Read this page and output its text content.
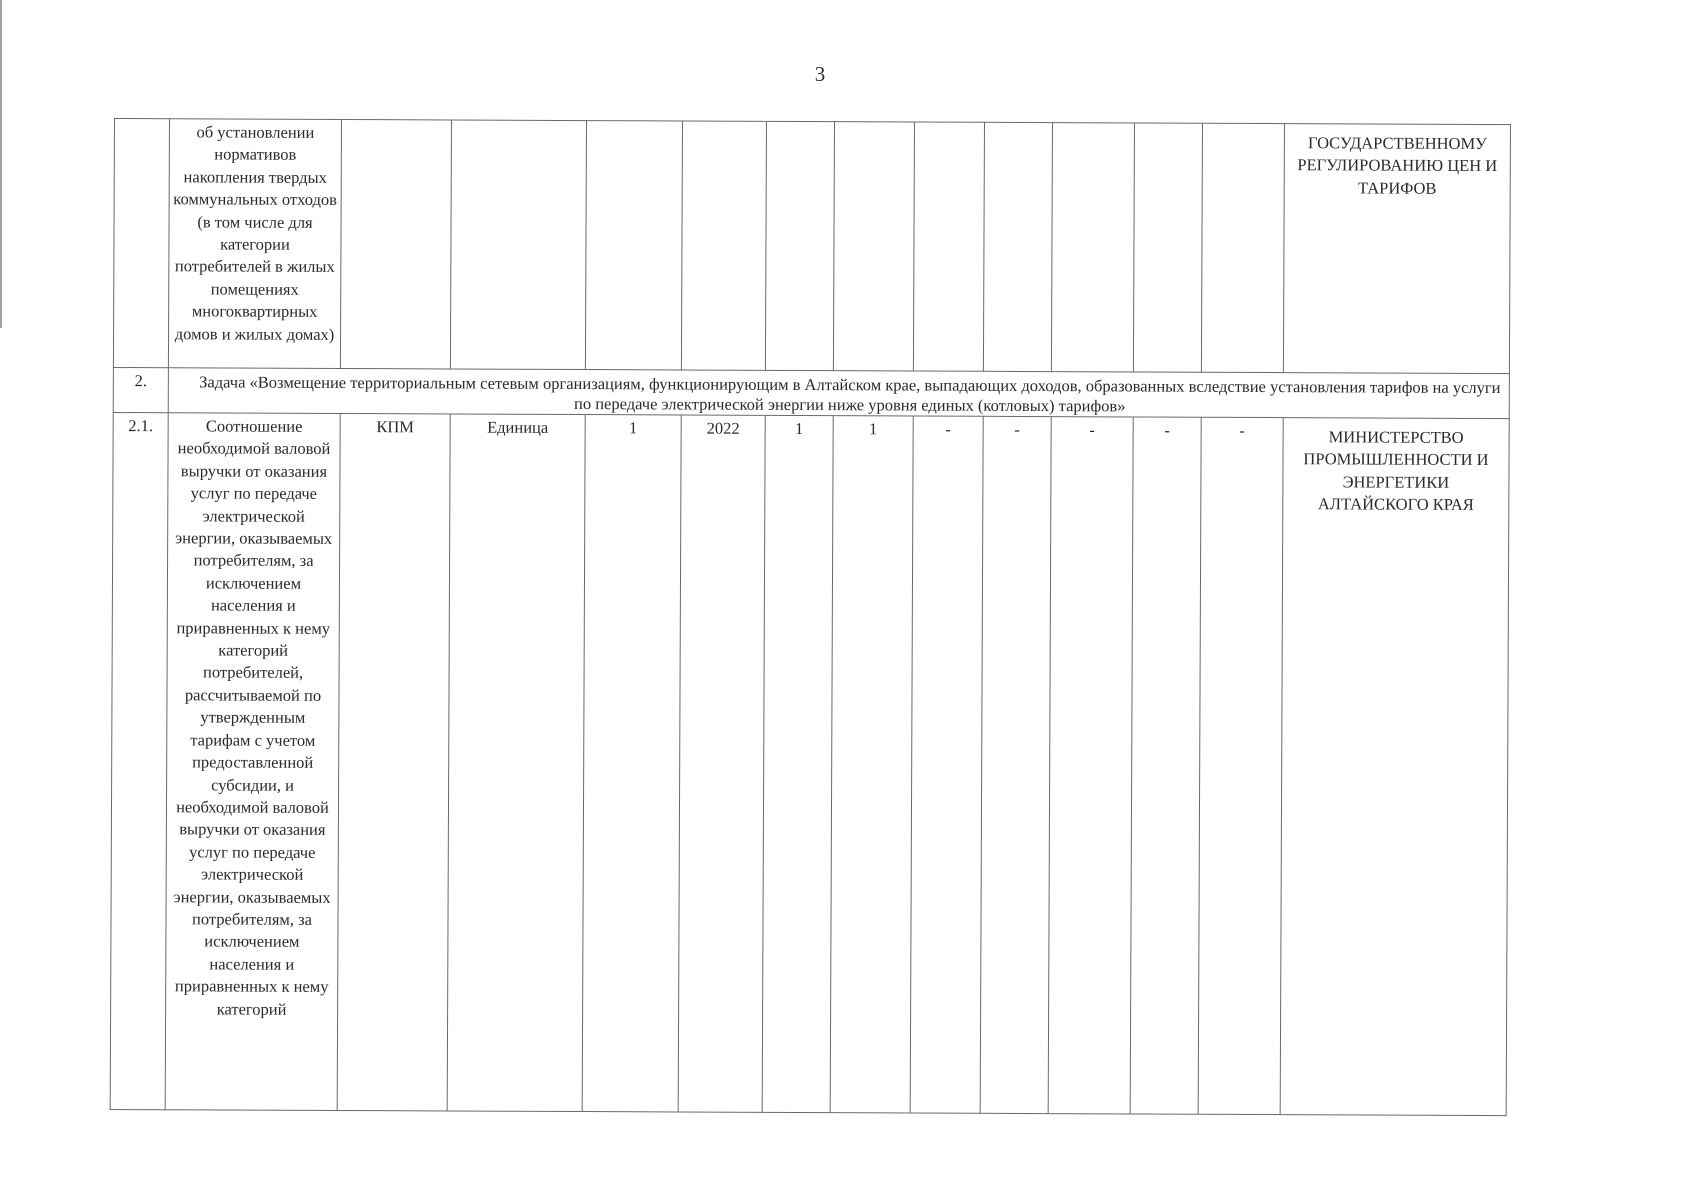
3
	об установлении нормативов накопления твердых коммунальных отходов (в том числе для категории потребителей в жилых помещениях многоквартирных домов и жилых домах)												ГОСУДАРСТВЕННОМУ РЕГУЛИРОВАНИЮ ЦЕН И ТАРИФОВ
2.	Задача «Возмещение территориальным сетевым организациям, функционирующим в Алтайском крае, выпадающих доходов, образованных вследствие установления тарифов на услуги по передаче электрической энергии ниже уровня единых (котловых) тарифов»												
2.1.	Соотношение необходимой валовой выручки от оказания услуг по передаче электрической энергии, оказываемых потребителям, за исключением населения и приравненных к нему категорий потребителей, рассчитываемой по утвержденным тарифам с учетом предоставленной субсидии, и необходимой валовой выручки от оказания услуг по передаче электрической энергии, оказываемых потребителям, за исключением населения и приравненных к нему категорий	КПМ	Единица	1	2022	1	1	-	-	-	-	-	МИНИСТЕРСТВО ПРОМЫШЛЕННОСТИ И ЭНЕРГЕТИКИ АЛТАЙСКОГО КРАЯ
